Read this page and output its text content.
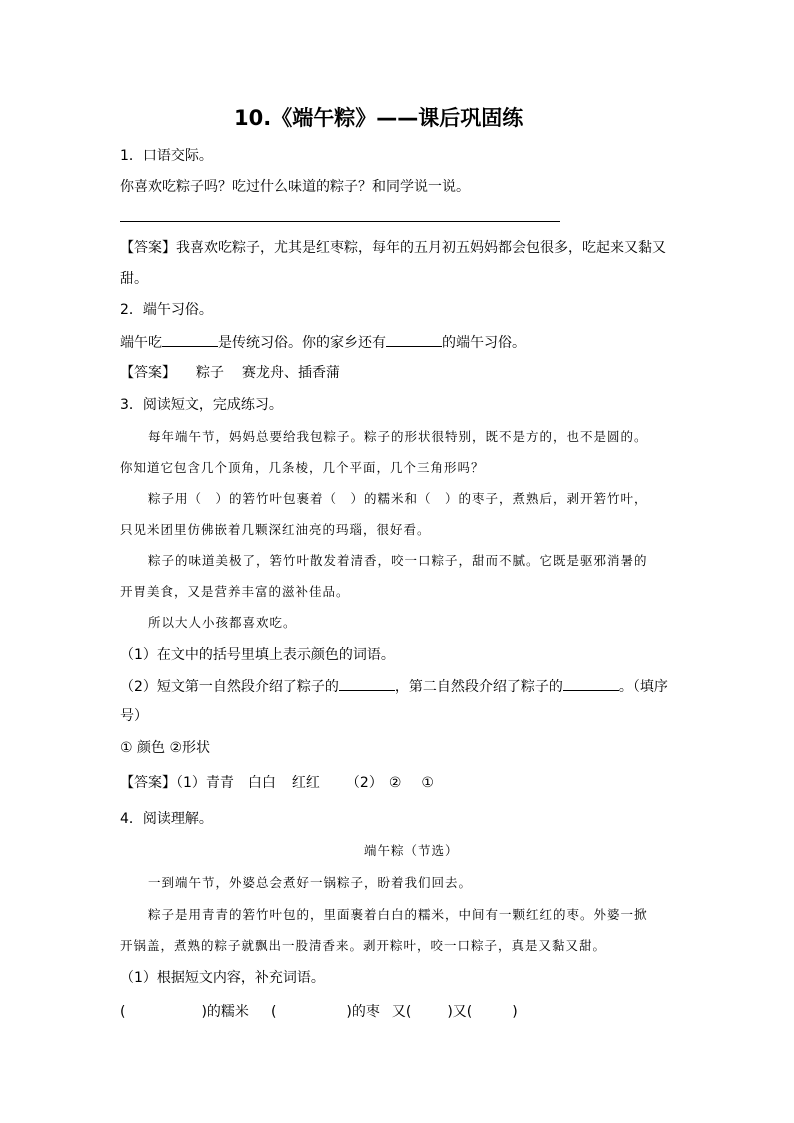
10.《端午粽》——课后巩固练
1．口语交际。
你喜欢吃粽子吗？吃过什么味道的粽子？和同学说一说。
【答案】我喜欢吃粽子，尤其是红枣粽，每年的五月初五妈妈都会包很多，吃起来又黏又
甜。
2．端午习俗。
端午吃	是传统习俗。你的家乡还有	的端午习俗。
【答案】 粽子 赛龙舟、插香蒲
3．阅读短文，完成练习。
每年端午节，妈妈总要给我包粽子。粽子的形状很特别，既不是方的，也不是圆的。
你知道它包含几个顶角，几条棱，几个平面，几个三角形吗？
粽子用（　）的箬竹叶包裹着（　）的糯米和（　）的枣子，煮熟后，剥开箬竹叶，
只见米团里仿佛嵌着几颗深红油亮的玛瑙，很好看。
粽子的味道美极了，箬竹叶散发着清香，咬一口粽子，甜而不腻。它既是驱邪消暑的
开胃美食，又是营养丰富的滋补佳品。
所以大人小孩都喜欢吃。
（1）在文中的括号里填上表示颜色的词语。
（2）短文第一自然段介绍了粽子的	，第二自然段介绍了粽子的	。（填序
号）
① 颜色 ②形状
【答案】（1）青青 白白 红红 （2） ② ①
4．阅读理解。
端午粽（节选）
一到端午节，外婆总会煮好一锅粽子，盼着我们回去。
粽子是用青青的箬竹叶包的，里面裹着白白的糯米，中间有一颗红红的枣。外婆一掀
开锅盖，煮熟的粽子就飘出一股清香来。剥开粽叶，咬一口粽子，真是又黏又甜。
（1）根据短文内容，补充词语。
(	)的糯米 (	)的枣 又(	)又(	)
